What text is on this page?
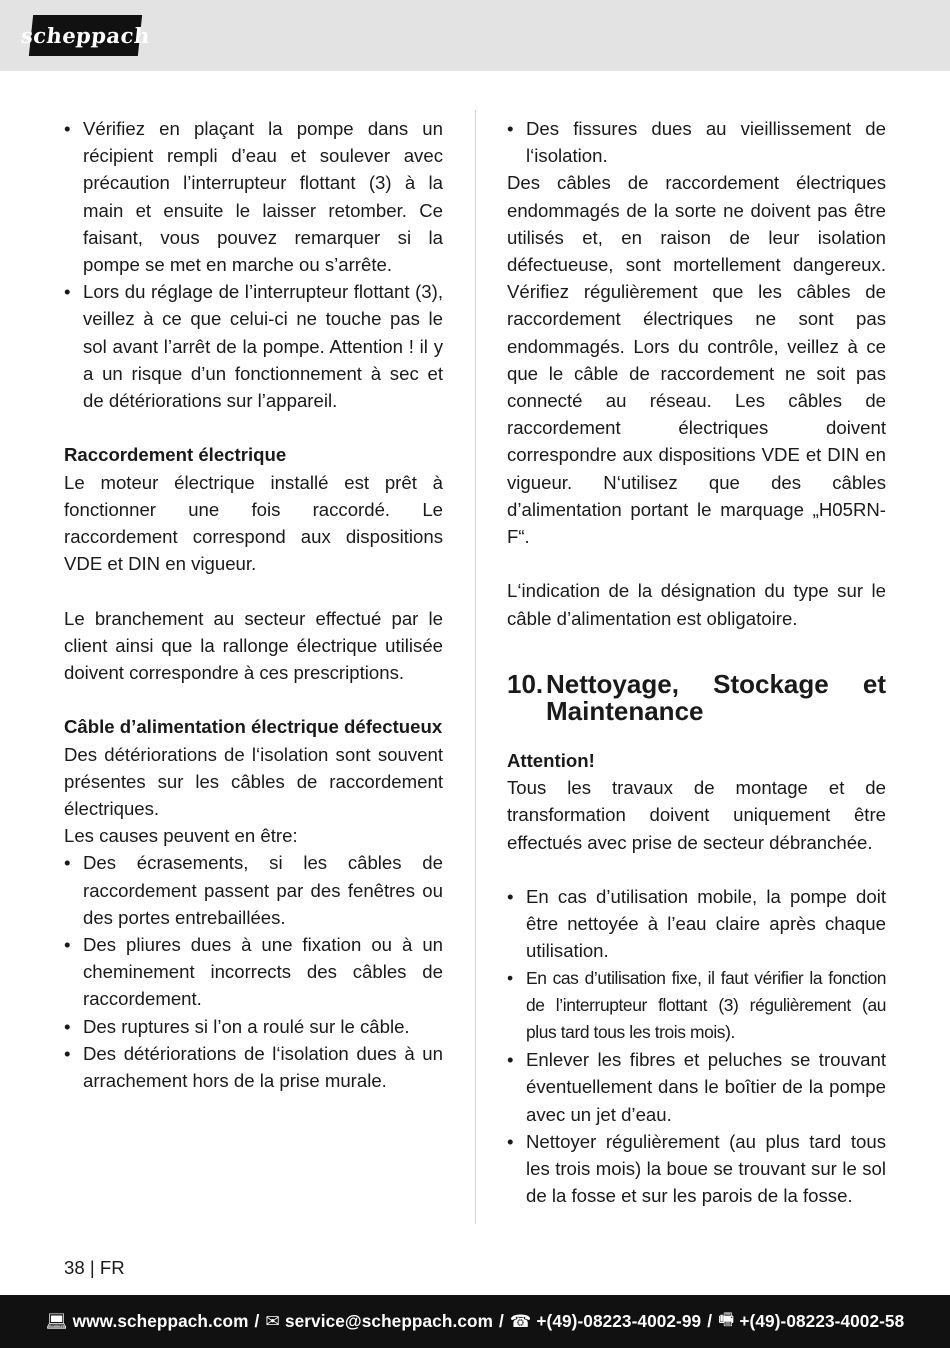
scheppach
• Vérifiez en plaçant la pompe dans un récipient rempli d’eau et soulever avec précaution l’interrupteur flottant (3) à la main et ensuite le laisser retomber. Ce faisant, vous pouvez remarquer si la pompe se met en marche ou s’arrête.
• Lors du réglage de l’interrupteur flottant (3), veillez à ce que celui-ci ne touche pas le sol avant l’arrêt de la pompe. Attention ! il y a un risque d’un fonctionnement à sec et de détériorations sur l’appareil.

Raccordement électrique

Le moteur électrique installé est prêt à fonctionner une fois raccordé. Le raccordement correspond aux dispositions VDE et DIN en vigueur.

Le branchement au secteur effectué par le client ainsi que la rallonge électrique utilisée doivent correspondre à ces prescriptions.

Câble d’alimentation électrique défectueux

Des détériorations de l‘isolation sont souvent présentes sur les câbles de raccordement électriques.

Les causes peuvent en être:

• Des écrasements, si les câbles de raccordement passent par des fenêtres ou des portes entrebaillées.
• Des pliures dues à une fixation ou à un cheminement incorrects des câbles de raccordement.
• Des ruptures si l’on a roulé sur le câble.
• Des détériorations de l‘isolation dues à un arrachement hors de la prise murale.
• Des fissures dues au vieillissement de l‘isolation.

Des câbles de raccordement électriques endommagés de la sorte ne doivent pas être utilisés et, en raison de leur isolation défectueuse, sont mortellement dangereux. Vérifiez régulièrement que les câbles de raccordement électriques ne sont pas endommagés. Lors du contrôle, veillez à ce que le câble de raccordement ne soit pas connecté au réseau. Les câbles de raccordement électriques doivent correspondre aux dispositions VDE et DIN en vigueur. N‘utilisez que des câbles d’alimentation portant le marquage „H05RN-F“.

L‘indication de la désignation du type sur le câble d’alimentation est obligatoire.

10. Nettoyage, Stockage et Maintenance

Attention!

Tous les travaux de montage et de transformation doivent uniquement être effectués avec prise de secteur débranchée.

• En cas d’utilisation mobile, la pompe doit être nettoyée à l’eau claire après chaque utilisation.
• En cas d’utilisation fixe, il faut vérifier la fonction de l’interrupteur flottant (3) régulièrement (au plus tard tous les trois mois).
• Enlever les fibres et peluches se trouvant éventuellement dans le boîtier de la pompe avec un jet d’eau.
• Nettoyer régulièrement (au plus tard tous les trois mois) la boue se trouvant sur le sol de la fosse et sur les parois de la fosse.
38 | FR
💻︎ www.scheppach.com / ✉︎ service@scheppach.com / ☎︎ +(49)-08223-4002-99 / 🖷︎ +(49)-08223-4002-58
